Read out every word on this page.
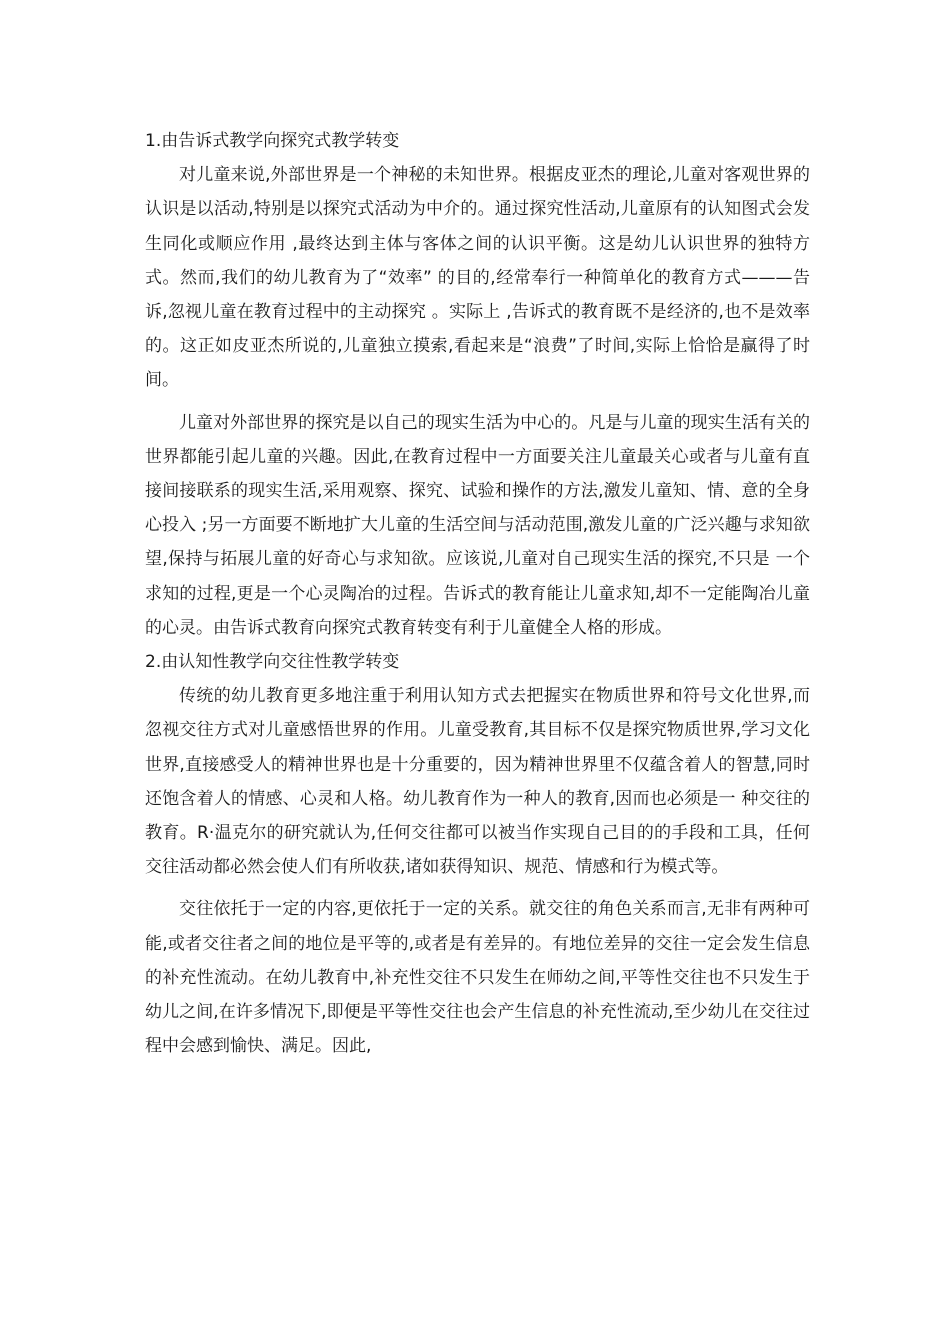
1.由告诉式教学向探究式教学转变

对儿童来说,外部世界是一个神秘的未知世界。根据皮亚杰的理论,儿童对客观世界的认识是以活动,特别是以探究式活动为中介的。通过探究性活动,儿童原有的认知图式会发生同化或顺应作用 ,最终达到主体与客体之间的认识平衡。这是幼儿认识世界的独特方式。然而,我们的幼儿教育为了“效率” 的目的,经常奉行一种简单化的教育方式———告诉,忽视儿童在教育过程中的主动探究 。实际上 ,告诉式的教育既不是经济的,也不是效率的。这正如皮亚杰所说的,儿童独立摸索,看起来是“浪费”了时间,实际上恰恰是赢得了时间。

儿童对外部世界的探究是以自己的现实生活为中心的。凡是与儿童的现实生活有关的世界都能引起儿童的兴趣。因此,在教育过程中一方面要关注儿童最关心或者与儿童有直接间接联系的现实生活,采用观察、探究、试验和操作的方法,激发儿童知、情、意的全身心投入 ;另一方面要不断地扩大儿童的生活空间与活动范围,激发儿童的广泛兴趣与求知欲望,保持与拓展儿童的好奇心与求知欲。应该说,儿童对自己现实生活的探究,不只是 一个求知的过程,更是一个心灵陶冶的过程。告诉式的教育能让儿童求知,却不一定能陶冶儿童的心灵。由告诉式教育向探究式教育转变有利于儿童健全人格的形成。

2.由认知性教学向交往性教学转变

传统的幼儿教育更多地注重于利用认知方式去把握实在物质世界和符号文化世界,而忽视交往方式对儿童感悟世界的作用。儿童受教育,其目标不仅是探究物质世界,学习文化世界,直接感受人的精神世界也是十分重要的，因为精神世界里不仅蕴含着人的智慧,同时还饱含着人的情感、心灵和人格。幼儿教育作为一种人的教育,因而也必须是一 种交往的教育。R·温克尔的研究就认为,任何交往都可以被当作实现自己目的的手段和工具，任何交往活动都必然会使人们有所收获,诸如获得知识、规范、情感和行为模式等。

交往依托于一定的内容,更依托于一定的关系。就交往的角色关系而言,无非有两种可能,或者交往者之间的地位是平等的,或者是有差异的。有地位差异的交往一定会发生信息的补充性流动。在幼儿教育中,补充性交往不只发生在师幼之间,平等性交往也不只发生于幼儿之间,在许多情况下,即便是平等性交往也会产生信息的补充性流动,至少幼儿在交往过程中会感到愉快、满足。因此,
